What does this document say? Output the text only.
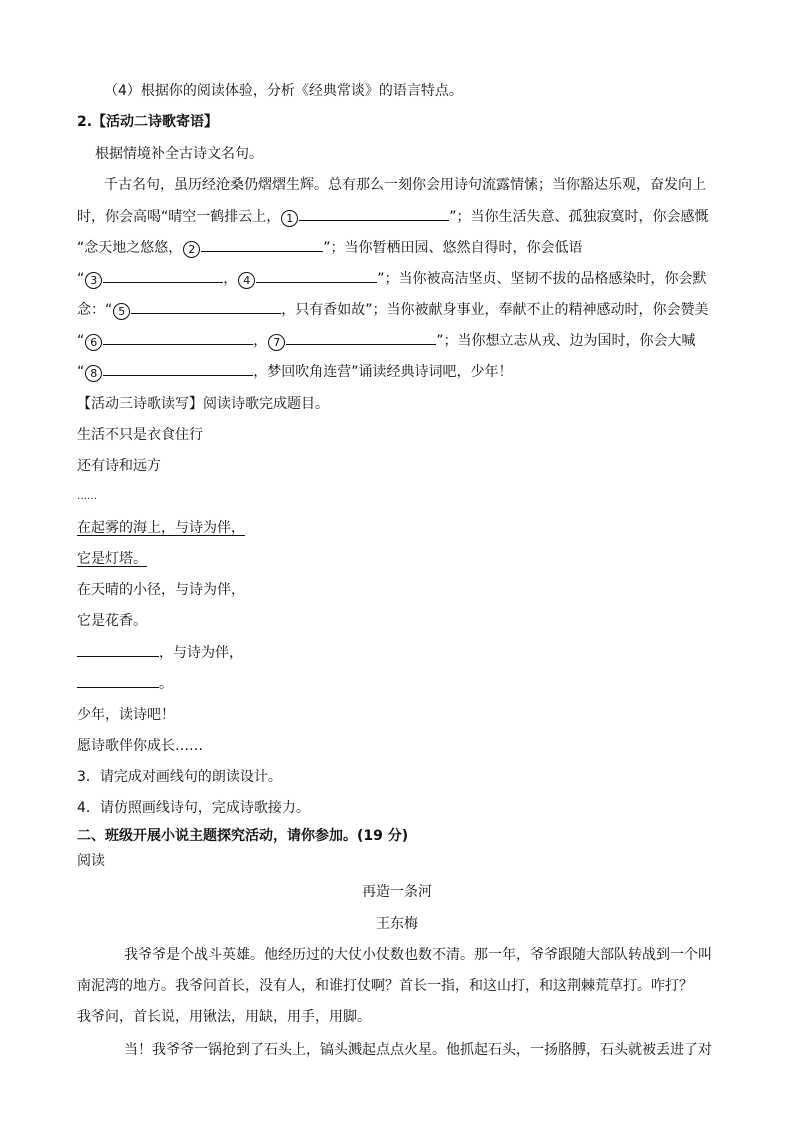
（4）根据你的阅读体验，分析《经典常谈》的语言特点。
2.【活动二诗歌寄语】
根据情境补全古诗文名句。
千古名句，虽历经沧桑仍熠熠生辉。总有那么一刻你会用诗句流露情愫；当你豁达乐观，奋发向上
时，你会高喝“晴空一鹤排云上， 1	”；当你生活失意、孤独寂寞时，你会感慨
“念天地之悠悠， 2	”；当你暂栖田园、悠然自得时，你会低语
“ 3	， 4	”；当你被高洁坚贞、坚韧不拔的品格感染时，你会默
念：“ 5	，只有香如故”；当你被献身事业，奉献不止的精神感动时，你会赞美
“ 6	， 7	”；当你想立志从戎、边为国时，你会大喊
“ 8	，梦回吹角连营”诵读经典诗词吧，少年！
【活动三诗歌读写】阅读诗歌完成题目。
生活不只是衣食住行
还有诗和远方
……
在起雾的海上，与诗为伴，
它是灯塔。
在天晴的小径，与诗为伴，
它是花香。
，与诗为伴，
。
少年，读诗吧！
愿诗歌伴你成长……
3．请完成对画线句的朗读设计。
4．请仿照画线诗句，完成诗歌接力。
二、班级开展小说主题探究活动，请你参加。(19 分)
阅读
再造一条河
王东梅
我爷爷是个战斗英雄。他经历过的大仗小仗数也数不清。那一年，爷爷跟随大部队转战到一个叫
南泥湾的地方。我爷问首长，没有人，和谁打仗啊？首长一指，和这山打，和这荆棘荒草打。咋打？
我爷问，首长说，用锹法，用缺，用手，用脚。
当！我爷爷一锅抢到了石头上，镐头溅起点点火星。他抓起石头，一扬胳膊，石头就被丢进了对
